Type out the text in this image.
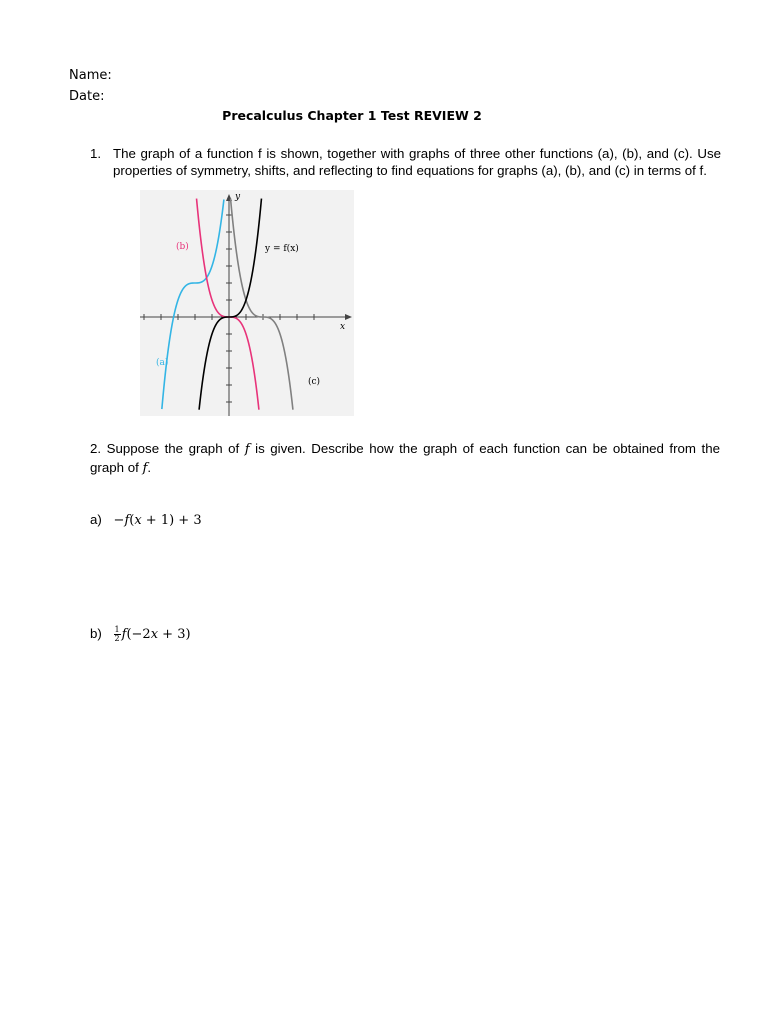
Name:
Date:
Precalculus Chapter 1 Test REVIEW 2
1. The graph of a function f is shown, together with graphs of three other functions (a), (b), and (c). Use properties of symmetry, shifts, and reflecting to find equations for graphs (a), (b), and (c) in terms of f.
y
x
y = f(x)
(b)
(a)
(c)
2. Suppose the graph of f is given. Describe how the graph of each function can be obtained from the graph of f.
a) −f(x + 1) + 3
$b) \frac{1}{2} f(-2x + 3)$
